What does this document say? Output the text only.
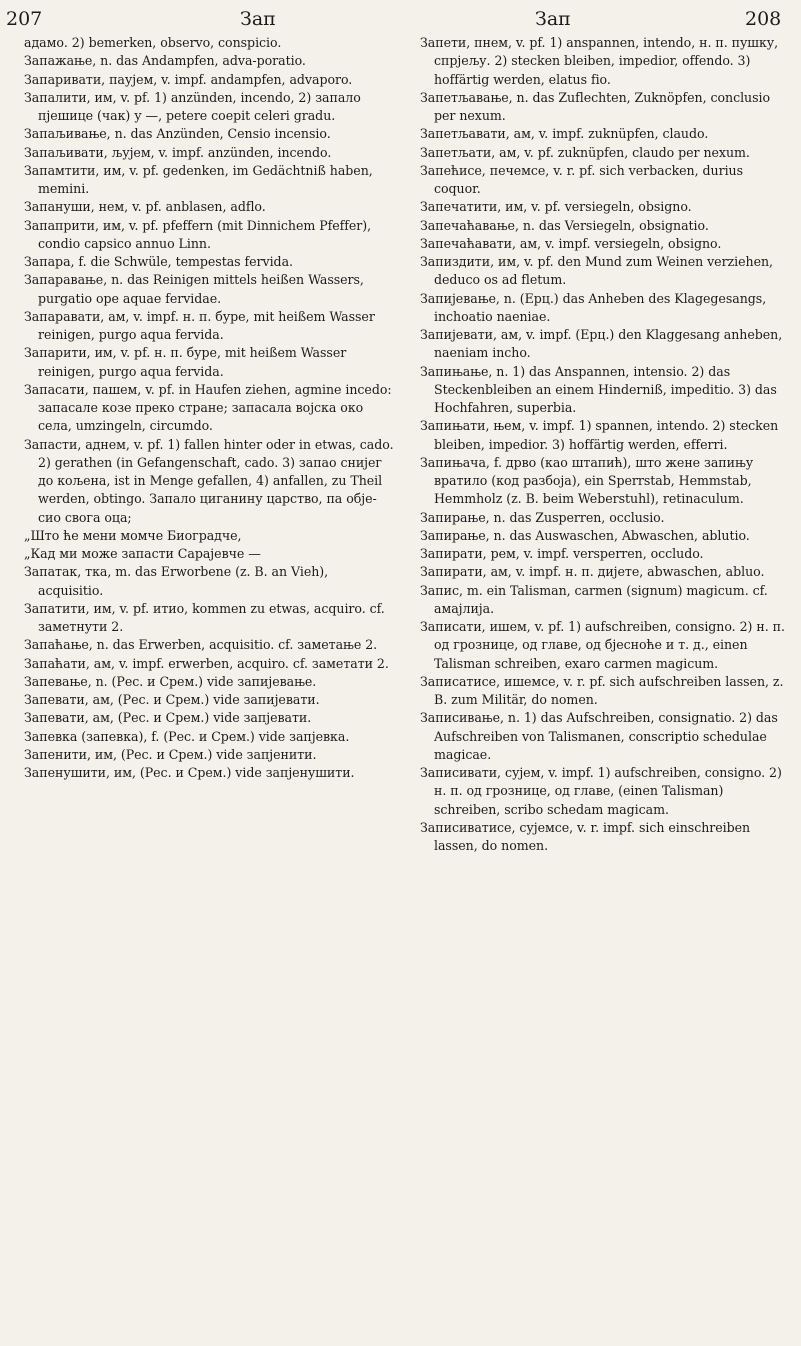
207	Зап	Зап	208

адамо. 2) bemerken, observo, conspicio.

Запажање, n. das Andampfen, adva-poratio.

Запаривати, пaуjем, v. impf. andampfen, advaporo.

Запалити, им, v. pf. 1) anzünden, incendo, 2) запало пjешице (чак) у —, petere coepit celeri gradu.

Запаљивање, n. das Anzünden, Censio incensio.

Запаљивати, љуjем, v. impf. anzünden, incendo.

Запамтити, им, v. pf. gedenken, im Gedächtniß haben, memini.

Запануши, нем, v. pf. anblasen, adflo.

Запаприти, им, v. pf. pfeffern (mit Dinnichem Pfeffer), condio capsico annuo Linn.

Запара, f. die Schwüle, tempestas fervida.

Запаравање, n. das Reinigen mittels heißen Wassers, purgatio ope aquae fervidae.

Запаравати, ам, v. impf. н. п. буре, mit heißem Wasser reinigen, purgo aqua fervida.

Запарити, им, v. pf. н. п. буре, mit heißem Wasser reinigen, purgo aqua fervida.

Запасати, пашем, v. pf. in Haufen ziehen, agmine incedo: запасале козе преко стране; запасала војска око села, umzingeln, circumdo.

Запасти, аднем, v. pf. 1) fallen hinter oder in etwas, cado. 2) gerathen (in Gefangenschaft, cado. 3) запао снијег до кољена, ist in Menge gefallen, 4) anfallen, zu Theil werden, obtingo. Запало циганину царство, па обје-сио свога оца;

„Што ће мени момче Биоградче,

„Кад ми може запасти Сарајевче —

Запатак, тка, m. das Erworbene (z. B. an Vieh), acquisitio.

Запатити, им, v. pf. итио, kommen zu etwas, acquiro. cf. заметнути 2.

Запаћање, n. das Erwerben, acquisitio. cf. заметање 2.

Запаћати, ам, v. impf. erwerben, acquiro. cf. заметати 2.

Запевање, n. (Рес. и Срем.) vide запијевање.

Запевати, ам, (Рес. и Срем.) vide запијевати.

Запевати, ам, (Рес. и Срем.) vide запјевати.

Запевка (запевка), f. (Рес. и Срем.) vide запјевка.

Запенити, им, (Рес. и Срем.) vide запјенити.

Запенушити, им, (Рес. и Срем.) vide запјенушити.

Запети, пнем, v. pf. 1) anspannen, intendo, н. п. пушку, спрјељу. 2) stecken bleiben, impedior, offendo. 3) hoffärtig werden, elatus fio.

Запетљавање, n. das Zuflechten, Zuknöpfen, conclusio per nexum.

Запетљавати, ам, v. impf. zuknüpfen, claudo.

Запетљати, ам, v. pf. zuknüpfen, claudo per nexum.

Запећисе, печемсе, v. r. pf. sich verbacken, durius coquor.

Запечатити, им, v. pf. versiegeln, obsigno.

Запечаћавање, n. das Versiegeln, obsignatio.

Запечаћавати, ам, v. impf. versiegeln, obsigno.

Запиздити, им, v. pf. den Mund zum Weinen verziehen, deduco os ad fletum.

Запијевање, n. (Ерц.) das Anheben des Klagegesangs, inchoatio naeniae.

Запијевати, ам, v. impf. (Ерц.) den Klaggesang anheben, naeniam incho.

Запињање, n. 1) das Anspannen, intensio. 2) das Steckenbleiben an einem Hinderniß, impeditio. 3) das Hochfahren, superbia.

Запињати, њем, v. impf. 1) spannen, intendo. 2) stecken bleiben, impedior. 3) hoffärtig werden, efferri.

Запињача, f. дрво (као штапић), што жене запињу вратило (код разбоја), ein Sperrstab, Hemmstab, Hemmholz (z. B. beim Weberstuhl), retinaculum.

Запирање, n. das Zusperren, occlusio.

Запирање, n. das Auswaschen, Abwaschen, ablutio.

Запирати, рем, v. impf. versperren, occludo.

Запирати, ам, v. impf. н. п. дијете, abwaschen, abluo.

Запис, m. ein Talisman, carmen (signum) magicum. cf. амајлија.

Записати, ишем, v. pf. 1) aufschreiben, consigno. 2) н. п. од грознице, од главе, од бјеснoће и т. д., einen Talisman schreiben, exaro carmen magicum.

Записатисе, ишемсе, v. r. pf. sich aufschreiben lassen, z. B. zum Militär, do nomen.

Записивање, n. 1) das Aufschreiben, consignatio. 2) das Aufschreiben von Talismanen, conscriptio schedulae magicae.

Записивати, сујем, v. impf. 1) aufschreiben, consigno. 2) н. п. од грознице, од главе, (einen Talisman) schreiben, scribo schedam magicam.

Записиватисе, сујемсе, v. r. impf. sich einschreiben lassen, do nomen.
